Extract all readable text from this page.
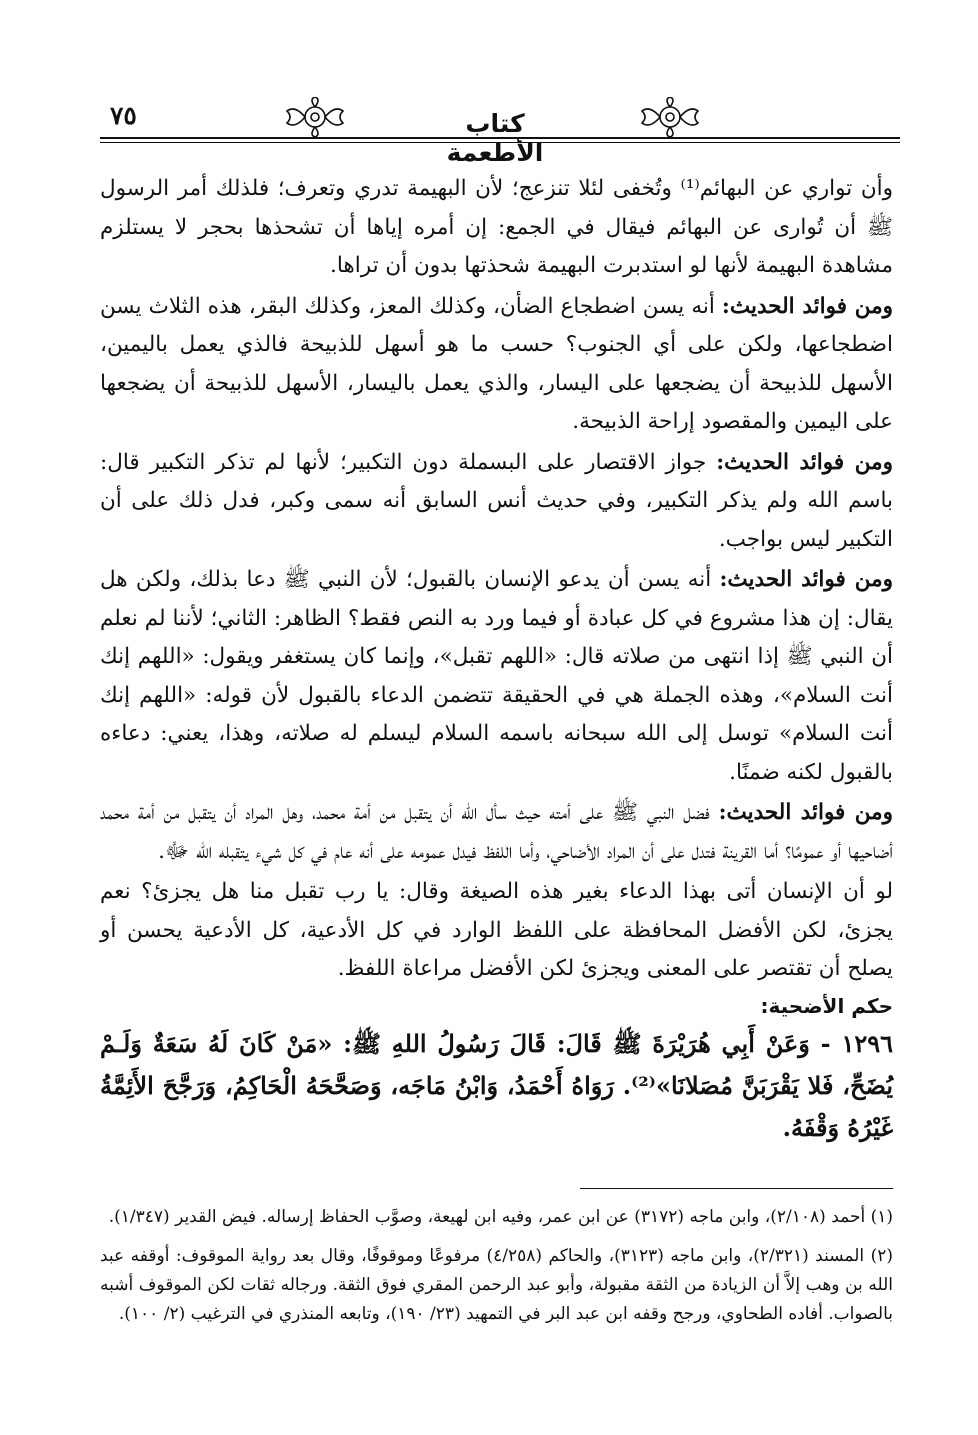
٧٥	كتاب الأطعمة

وأن تواري عن البهائم⁽¹⁾ وتُخفى لئلا تنزعج؛ لأن البهيمة تدري وتعرف؛ فلذلك أمر الرسول ﷺ أن تُوارى عن البهائم فيقال في الجمع: إن أمره إياها أن تشحذها بحجر لا يستلزم مشاهدة البهيمة لأنها لو استدبرت البهيمة شحذتها بدون أن تراها.

ومن فوائد الحديث: أنه يسن اضطجاع الضأن، وكذلك المعز، وكذلك البقر، هذه الثلاث يسن اضطجاعها، ولكن على أي الجنوب؟ حسب ما هو أسهل للذبيحة فالذي يعمل باليمين، الأسهل للذبيحة أن يضجعها على اليسار، والذي يعمل باليسار، الأسهل للذبيحة أن يضجعها على اليمين والمقصود إراحة الذبيحة.

ومن فوائد الحديث: جواز الاقتصار على البسملة دون التكبير؛ لأنها لم تذكر التكبير قال: باسم الله ولم يذكر التكبير، وفي حديث أنس السابق أنه سمى وكبر، فدل ذلك على أن التكبير ليس بواجب.

ومن فوائد الحديث: أنه يسن أن يدعو الإنسان بالقبول؛ لأن النبي ﷺ دعا بذلك، ولكن هل يقال: إن هذا مشروع في كل عبادة أو فيما ورد به النص فقط؟ الظاهر: الثاني؛ لأننا لم نعلم أن النبي ﷺ إذا انتهى من صلاته قال: «اللهم تقبل»، وإنما كان يستغفر ويقول: «اللهم إنك أنت السلام»، وهذه الجملة هي في الحقيقة تتضمن الدعاء بالقبول لأن قوله: «اللهم إنك أنت السلام» توسل إلى الله سبحانه باسمه السلام ليسلم له صلاته، وهذا، يعني: دعاءه بالقبول لكنه ضمنًا.

ومن فوائد الحديث: فضل النبي ﷺ على أمته حيث سأل الله أن يتقبل من أمة محمد، وهل المراد أن يتقبل من أمة محمد أضاحيها أو عمومًا؟ أما القرينة فتدل على أن المراد الأضاحي، وأما اللفظ فيدل عمومه على أنه عام في كل شيء يتقبله الله ﷻ.

لو أن الإنسان أتى بهذا الدعاء بغير هذه الصيغة وقال: يا رب تقبل منا هل يجزئ؟ نعم يجزئ، لكن الأفضل المحافظة على اللفظ الوارد في كل الأدعية، كل الأدعية يحسن أو يصلح أن تقتصر على المعنى ويجزئ لكن الأفضل مراعاة اللفظ.

حكم الأضحية:

١٢٩٦ - وَعَنْ أَبِي هُرَيْرَةَ ﷺ قَالَ: قَالَ رَسُولُ اللهِ ﷺ: «مَنْ كَانَ لَهُ سَعَةٌ وَلَـمْ يُضَحِّ، فَلا يَقْرَبَنَّ مُصَلانَا»⁽²⁾. رَوَاهُ أَحْمَدُ، وَابْنُ مَاجَه، وَصَحَّحَهُ الْحَاكِمُ، وَرَجَّحَ الأَئِمَّةُ غَيْرُهُ وَقْفَهُ.

(١) أحمد (٢/١٠٨)، وابن ماجه (٣١٧٢) عن ابن عمر، وفيه ابن لهيعة، وصوَّب الحفاظ إرساله. فيض القدير (١/٣٤٧).

(٢) المسند (٢/٣٢١)، وابن ماجه (٣١٢٣)، والحاكم (٤/٢٥٨) مرفوعًا وموقوفًا، وقال بعد رواية الموقوف: أوقفه عبد الله بن وهب إلاَّ أن الزيادة من الثقة مقبولة، وأبو عبد الرحمن المقري فوق الثقة. ورجاله ثقات لكن الموقوف أشبه بالصواب. أفاده الطحاوي، ورجح وقفه ابن عبد البر في التمهيد (٢٣/ ١٩٠)، وتابعه المنذري في الترغيب (٢/ ١٠٠).
